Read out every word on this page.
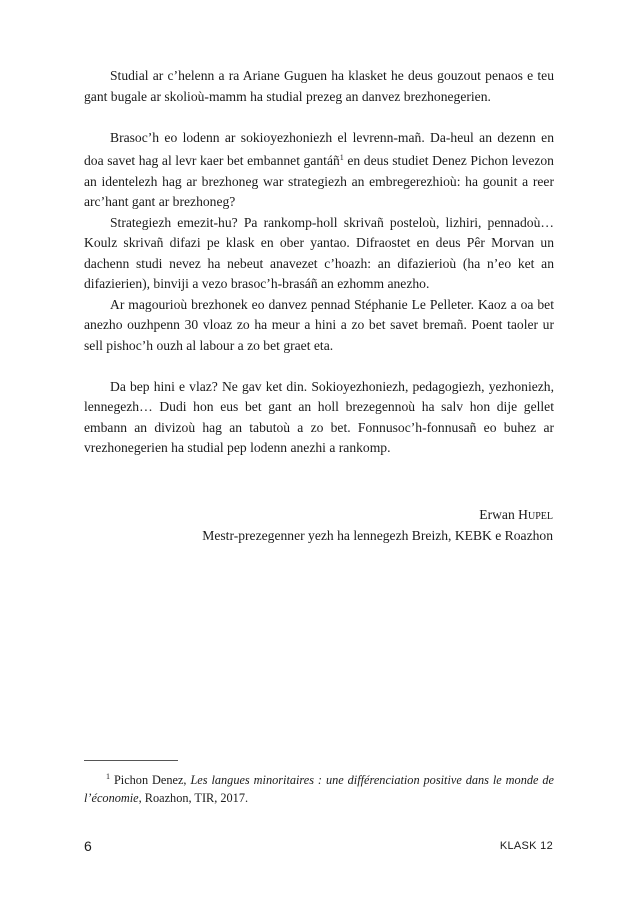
Studial ar c’helenn a ra Ariane Guguen ha klasket he deus gouzout penaos e teu gant bugale ar skolioù-mamm ha studial prezeg an danvez brezhonegerien.

Brasoc’h eo lodenn ar sokioyezhoniezh el levrenn-mañ. Da-heul an dezenn en doa savet hag al levr kaer bet embannet gantáñ$^1$ en deus studiet Denez Pichon levezon an identelezh hag ar brezhoneg war strategiezh an embregerezhioù: ha gounit a reer arc’hant gant ar brezhoneg?

Strategiezh emezit-hu? Pa rankomp-holl skrivañ posteloù, lizhiri, pennadoù… Koulz skrivañ difazi pe klask en ober yantao. Difraostet en deus Pêr Morvan un dachenn studi nevez ha nebeut anavezet c’hoazh: an difazierioù (ha n’eo ket an difazierien), binviji a vezo brasoc’h-brasáñ an ezhomm anezho.

Ar magourioù brezhonek eo danvez pennad Stéphanie Le Pelleter. Kaoz a oa bet anezho ouzhpenn 30 vloaz zo ha meur a hini a zo bet savet bremañ. Poent taoler ur sell pishoc’h ouzh al labour a zo bet graet eta.

Da bep hini e vlaz? Ne gav ket din. Sokioyezhoniezh, pedagogiezh, yezhoniezh, lennegezh… Dudi hon eus bet gant an holl brezegennoù ha salv hon dije gellet embann an divizoù hag an tabutoù a zo bet. Fonnusoc’h-fonnusañ eo buhez ar vrezhonegerien ha studial pep lodenn anezhi a rankomp.

Erwan Hupel
Mestr-prezegenner yezh ha lennegezh Breizh, KEBK e Roazhon
$^1$ Pichon Denez, Les langues minoritaires : une différenciation positive dans le monde de l’économie, Roazhon, TIR, 2017.
6	KLASK 12
